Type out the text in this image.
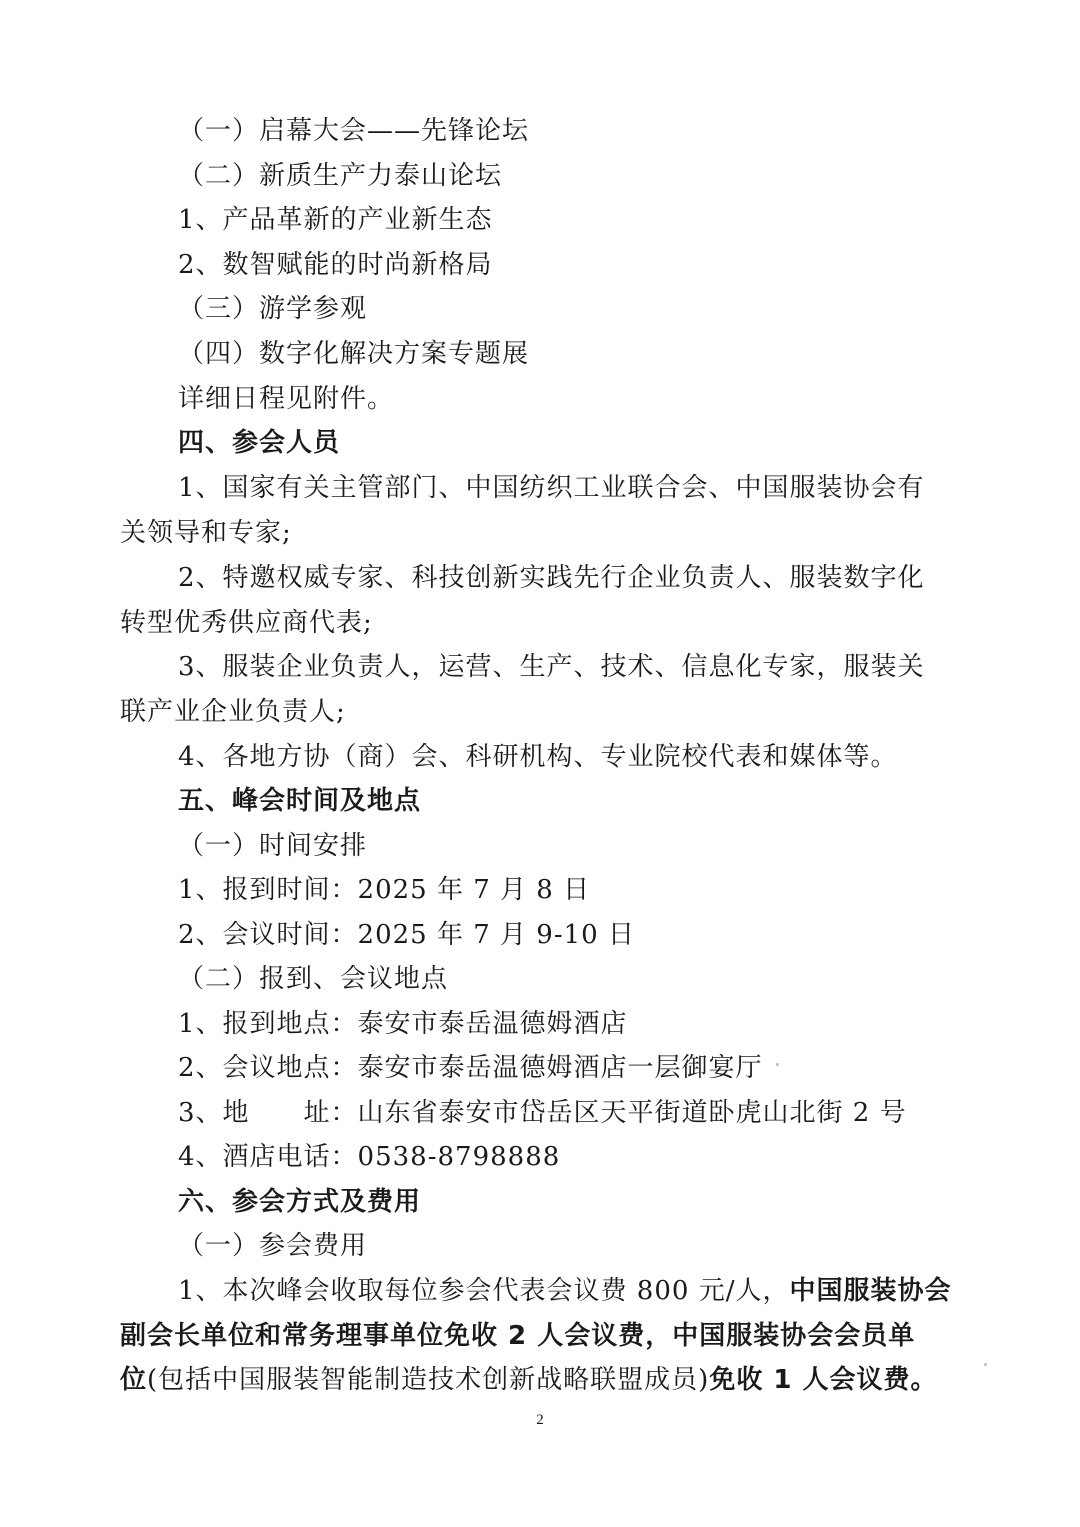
（一）启幕大会——先锋论坛
（二）新质生产力泰山论坛
1、产品革新的产业新生态
2、数智赋能的时尚新格局
（三）游学参观
（四）数字化解决方案专题展
详细日程见附件。
四、参会人员
1、国家有关主管部门、中国纺织工业联合会、中国服装协会有
关领导和专家;
2、特邀权威专家、科技创新实践先行企业负责人、服装数字化
转型优秀供应商代表;
3、服装企业负责人，运营、生产、技术、信息化专家，服装关
联产业企业负责人;
4、各地方协（商）会、科研机构、专业院校代表和媒体等。
五、峰会时间及地点
（一）时间安排
1、报到时间：2025 年 7 月 8 日
2、会议时间：2025 年 7 月 9-10 日
（二）报到、会议地点
1、报到地点：泰安市泰岳温德姆酒店
2、会议地点：泰安市泰岳温德姆酒店一层御宴厅
3、地　　址：山东省泰安市岱岳区天平街道卧虎山北街 2 号
4、酒店电话：0538-8798888
六、参会方式及费用
（一）参会费用
1、本次峰会收取每位参会代表会议费 800 元/人，中国服装协会
副会长单位和常务理事单位免收 2 人会议费，中国服装协会会员单
位(包括中国服装智能制造技术创新战略联盟成员)免收 1 人会议费。
2
